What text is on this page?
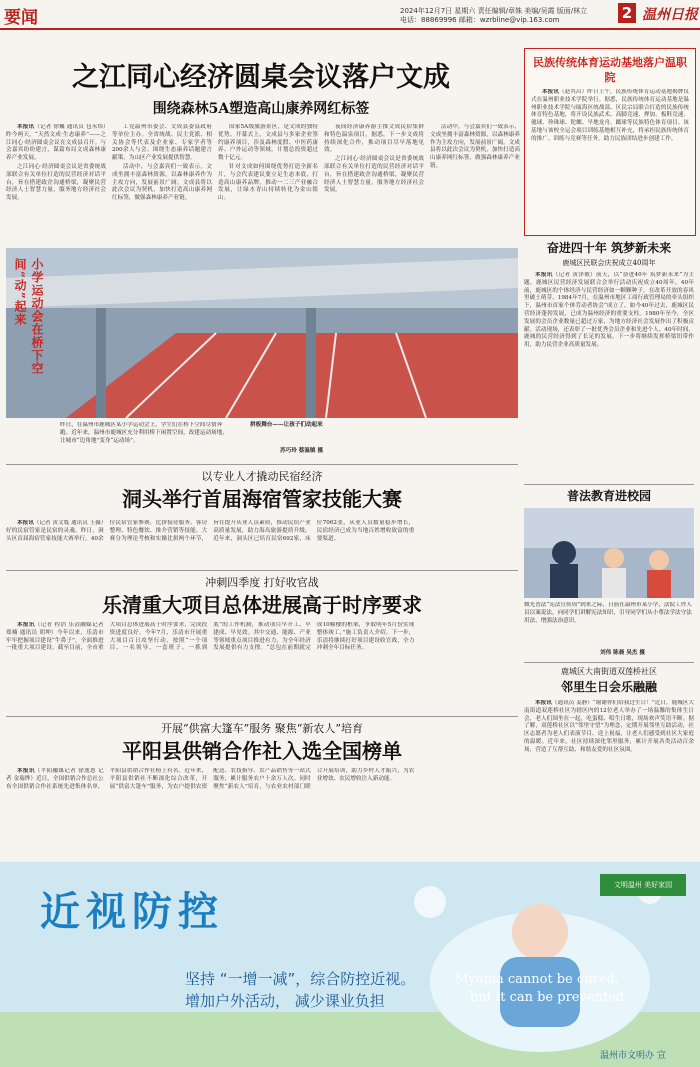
要闻	2024年12月7日 星期六 责任编辑/章姝 美编/吴霞 版面/林立
电话：88869996 邮箱：wzrbline@vip.163.com	2 温州日报
之江同心经济圆桌会议落户文成
围绕森林5A塑造高山康养网红标签

本报讯（记者 徐巍 通讯员 包永炜）昨今两天，“天然文成·生态康养”——之江同心·经济圆桌会议在文成县召开。与会嘉宾纷纷建言，谋篇布局文成森林康养产业发展。

之江同心·经济圆桌会议是省委统战部联合有关单位打造的民营经济对话平台，旨在搭建政企沟通桥梁，凝聚民营经济人士智慧力量，服务地方经济社会发展。

工党温州市委会、文成县委县政府等单位主办。全省统战、民主党派、相关协会等代表及企业家、专家学者等200余人与会。围绕生态康养话题建言献策，为山区产业发展提供智慧。

活动中，与会嘉宾们一致表示，文成坐拥丰富森林资源，以森林康养作为主攻方向，发展前景广阔。文成县将以此次会议为契机，加快打造高山康养网红标签，做强森林康养产业链。

国家5A级旅游景区，是文成的独特优势。开幕式上，文成县与多家企业签约康养项目，涉及森林度假、中医药康养、户外运动等领域，计划总投资超过数十亿元。

针对文成如何围绕优势打造全新名片，与会代表建议要立足生态本底，打造高山康养品牌，推动一二三产业融合发展，让绿水青山持续转化为金山银山。

夜间经济康养游主推文成民宿集群和特色温泉项目。据悉，下一步文成将持续深化合作，推动项目尽早落地见效。

之江同心·经济圆桌会议是省委统战部联合有关单位打造的民营经济对话平台，旨在搭建政企沟通桥梁，凝聚民营经济人士智慧力量，服务地方经济社会发展。

活动中，与会嘉宾们一致表示，文成坐拥丰富森林资源，以森林康养作为主攻方向，发展前景广阔。文成县将以此次会议为契机，加快打造高山康养网红标签，做强森林康养产业链。

小学运动会在桥下空间“动”起来
昨日，在温州市鹿城区某小学运动会上，学生们在桥下空间尽情奔跑。近年来，温州市鹿城区充分利用桥下闲置空间，改建运动场地，让城市“边角地”变身“运动场”。
拼板舞台——让孩子们动起来
苏巧玲 蔡温镇 摄
以专业人才撬动民宿经济
洞头举行首届海宿管家技能大赛

本报讯（记者 黄文胤 通讯员 王薇）好的民宿管家是民宿的灵魂。昨日，洞头区首届海宿管家技能大赛举行，40余位民宿管家参赛，比拼接待服务、客房整理、特色餐饮、推介营销等技能。大赛分为理论考核和实操比拼两个环节，旨在提升从业人员素质，推动民宿产业高质量发展，助力海岛旅游提质升级。近年来，洞头区已培育民宿692家，床位7062张，从业人员数量稳步增长，民宿经济已成为当地百姓增收致富的重要渠道。

冲刺四季度 打好收官战
乐清重大项目总体进展高于时序要求

本报讯（记者 程浩 乐清融媒记者 郑楠 通讯员 胡坤）今年以来，乐清市牢牢把握项目建设“牛鼻子”，全面推进一批重大项目建设。截至目前，全市重大项目总体进展高于时序要求，完成投资进度良好。今年7月，乐清市开展重大项目百日攻坚行动，按照“一个项目、一名领导、一套班子、一抓到底”的工作机制，推动项目早开工、早建成、早见效。其中交通、能源、产业等领域重点项目推进有力，为全年经济发展提供有力支撑。“总包在前期就完成10幢楼的框架，争取明年5月份实现整体竣工，”施工负责人介绍。下一步，乐清将继续打好项目建设收官战，全力冲刺全年目标任务。

开展“供富大篷车”服务 聚焦“新农人”培育
平阳县供销合作社入选全国榜单

本报讯（平阳融媒记者 徐逸恩 记者 金瑞烨）近日，全国供销合作总社公布全国供销合作社系统先进集体名单，平阳县供销合作社榜上有名。近年来，平阳县供销社不断深化综合改革，开展“供富大篷车”服务，为农户提供农资配送、农技指导、农产品销售等一站式服务，累计服务农户十余万人次。同时聚焦“新农人”培育，与农业农村部门联合开展培训，助力乡村人才振兴，为农业增效、农民增收注入新动能。

近视防控
坚持 “一增一减”，综合防控近视。
增加户外活动， 减少课业负担
Myopia cannot be cured,
but it can be prevented.
文明温州 美好家园
温州市文明办 宣
民族传统体育运动基地落户温职院

本报讯（赵其昌）昨日上午，民族传统体育运动基地揭牌仪式在温州职业技术学院举行。据悉，民族传统体育运动基地是温州职业技术学院与瓯海区统战部、区民宗局联合打造的民族传统体育特色基地，将开设民族武术、高脚竞速、押加、板鞋竞速、毽球、珍珠球、陀螺、旱地龙舟、蹴球等民族特色体育项目。该基地与该校全运会项目训练基地相互补充，将承担民族传统体育的推广、训练与竞赛等任务，助力民族团结进步创建工作。

奋进四十年 筑梦新未来
鹿城区民联会庆祝成立40周年

本报讯（记者 黄泽敏）前天，以“奋进40年 筑梦新未来”为主题，鹿城区民营经济发展联合会举行活动庆祝成立40周年。40年前，鹿城区的个体经济与民营经济如一颗颗种子，在改革开放的春风里破土萌芽。1984年7月，在温州市地区工商行政管理局的牵头组织下，温州市首家个体劳动者协会“成立了，如今40年过去，鹿城区民营经济蓬勃发展，已成为温州经济的重要支柱。1980年至今，全区发展的会员企业数量已超过万家，为地方经济社会发展作出了积极贡献。活动现场，还表彰了一批优秀会员企业和先进个人。40年时间，鹿城的民营经济得到了长足的发展，下一步将继续发挥桥梁纽带作用，助力民营企业高质量发展。

普法教育进校园
微光普法“宪法宣传周”到来之际，日前在温州市某小学，法院工作人员以案说法，向同学们讲解宪法知识，引导同学们从小尊法学法守法用法，增强法治意识。
刘伟 陈晨 吴杰 摄
鹿城区大南街道双莲桥社区
邻里生日会乐融融

本报讯（通讯员 姜静）“谢谢你们给我过生日！”近日，鹿城区大南街道双莲桥社区为辖区内的12位老人举办了一场温馨的集体生日会，老人们围坐在一起，吃蛋糕、唱生日歌，现场欢声笑语不断。据了解，双莲桥社区以“邻里守望”为理念，定期开展邻里互助活动，社区志愿者为老人们表演节目、送上祝福，让老人们感受到社区大家庭的温暖。近年来，社区持续深化邻里服务，累计开展各类活动百余场，营造了互帮互助、和谐友爱的社区氛围。
